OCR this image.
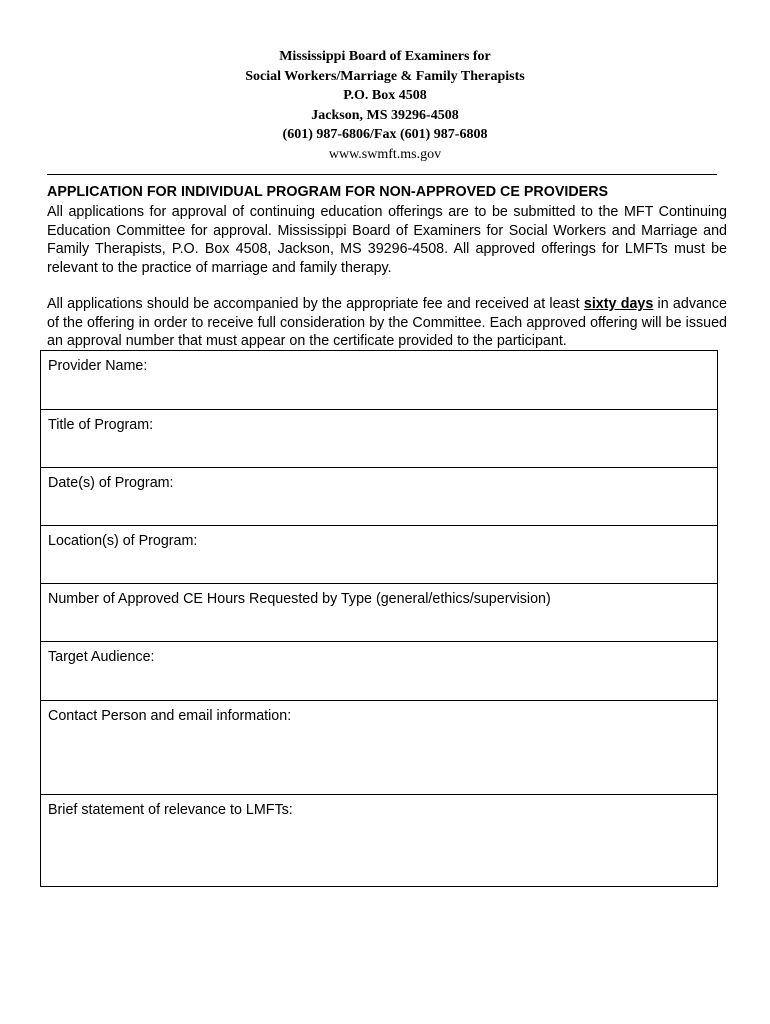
Mississippi Board of Examiners for
Social Workers/Marriage & Family Therapists
P.O. Box 4508
Jackson, MS 39296-4508
(601) 987-6806/Fax (601) 987-6808
www.swmft.ms.gov
APPLICATION FOR INDIVIDUAL PROGRAM FOR NON-APPROVED CE PROVIDERS
All applications for approval of continuing education offerings are to be submitted to the MFT Continuing Education Committee for approval. Mississippi Board of Examiners for Social Workers and Marriage and Family Therapists, P.O. Box 4508, Jackson, MS 39296-4508. All approved offerings for LMFTs must be relevant to the practice of marriage and family therapy.
All applications should be accompanied by the appropriate fee and received at least sixty days in advance of the offering in order to receive full consideration by the Committee. Each approved offering will be issued an approval number that must appear on the certificate provided to the participant.
Provider Name:
Title of Program:
Date(s) of Program:
Location(s) of Program:
Number of Approved CE Hours Requested by Type (general/ethics/supervision)
Target Audience:
Contact Person and email information:
Brief statement of relevance to LMFTs:
